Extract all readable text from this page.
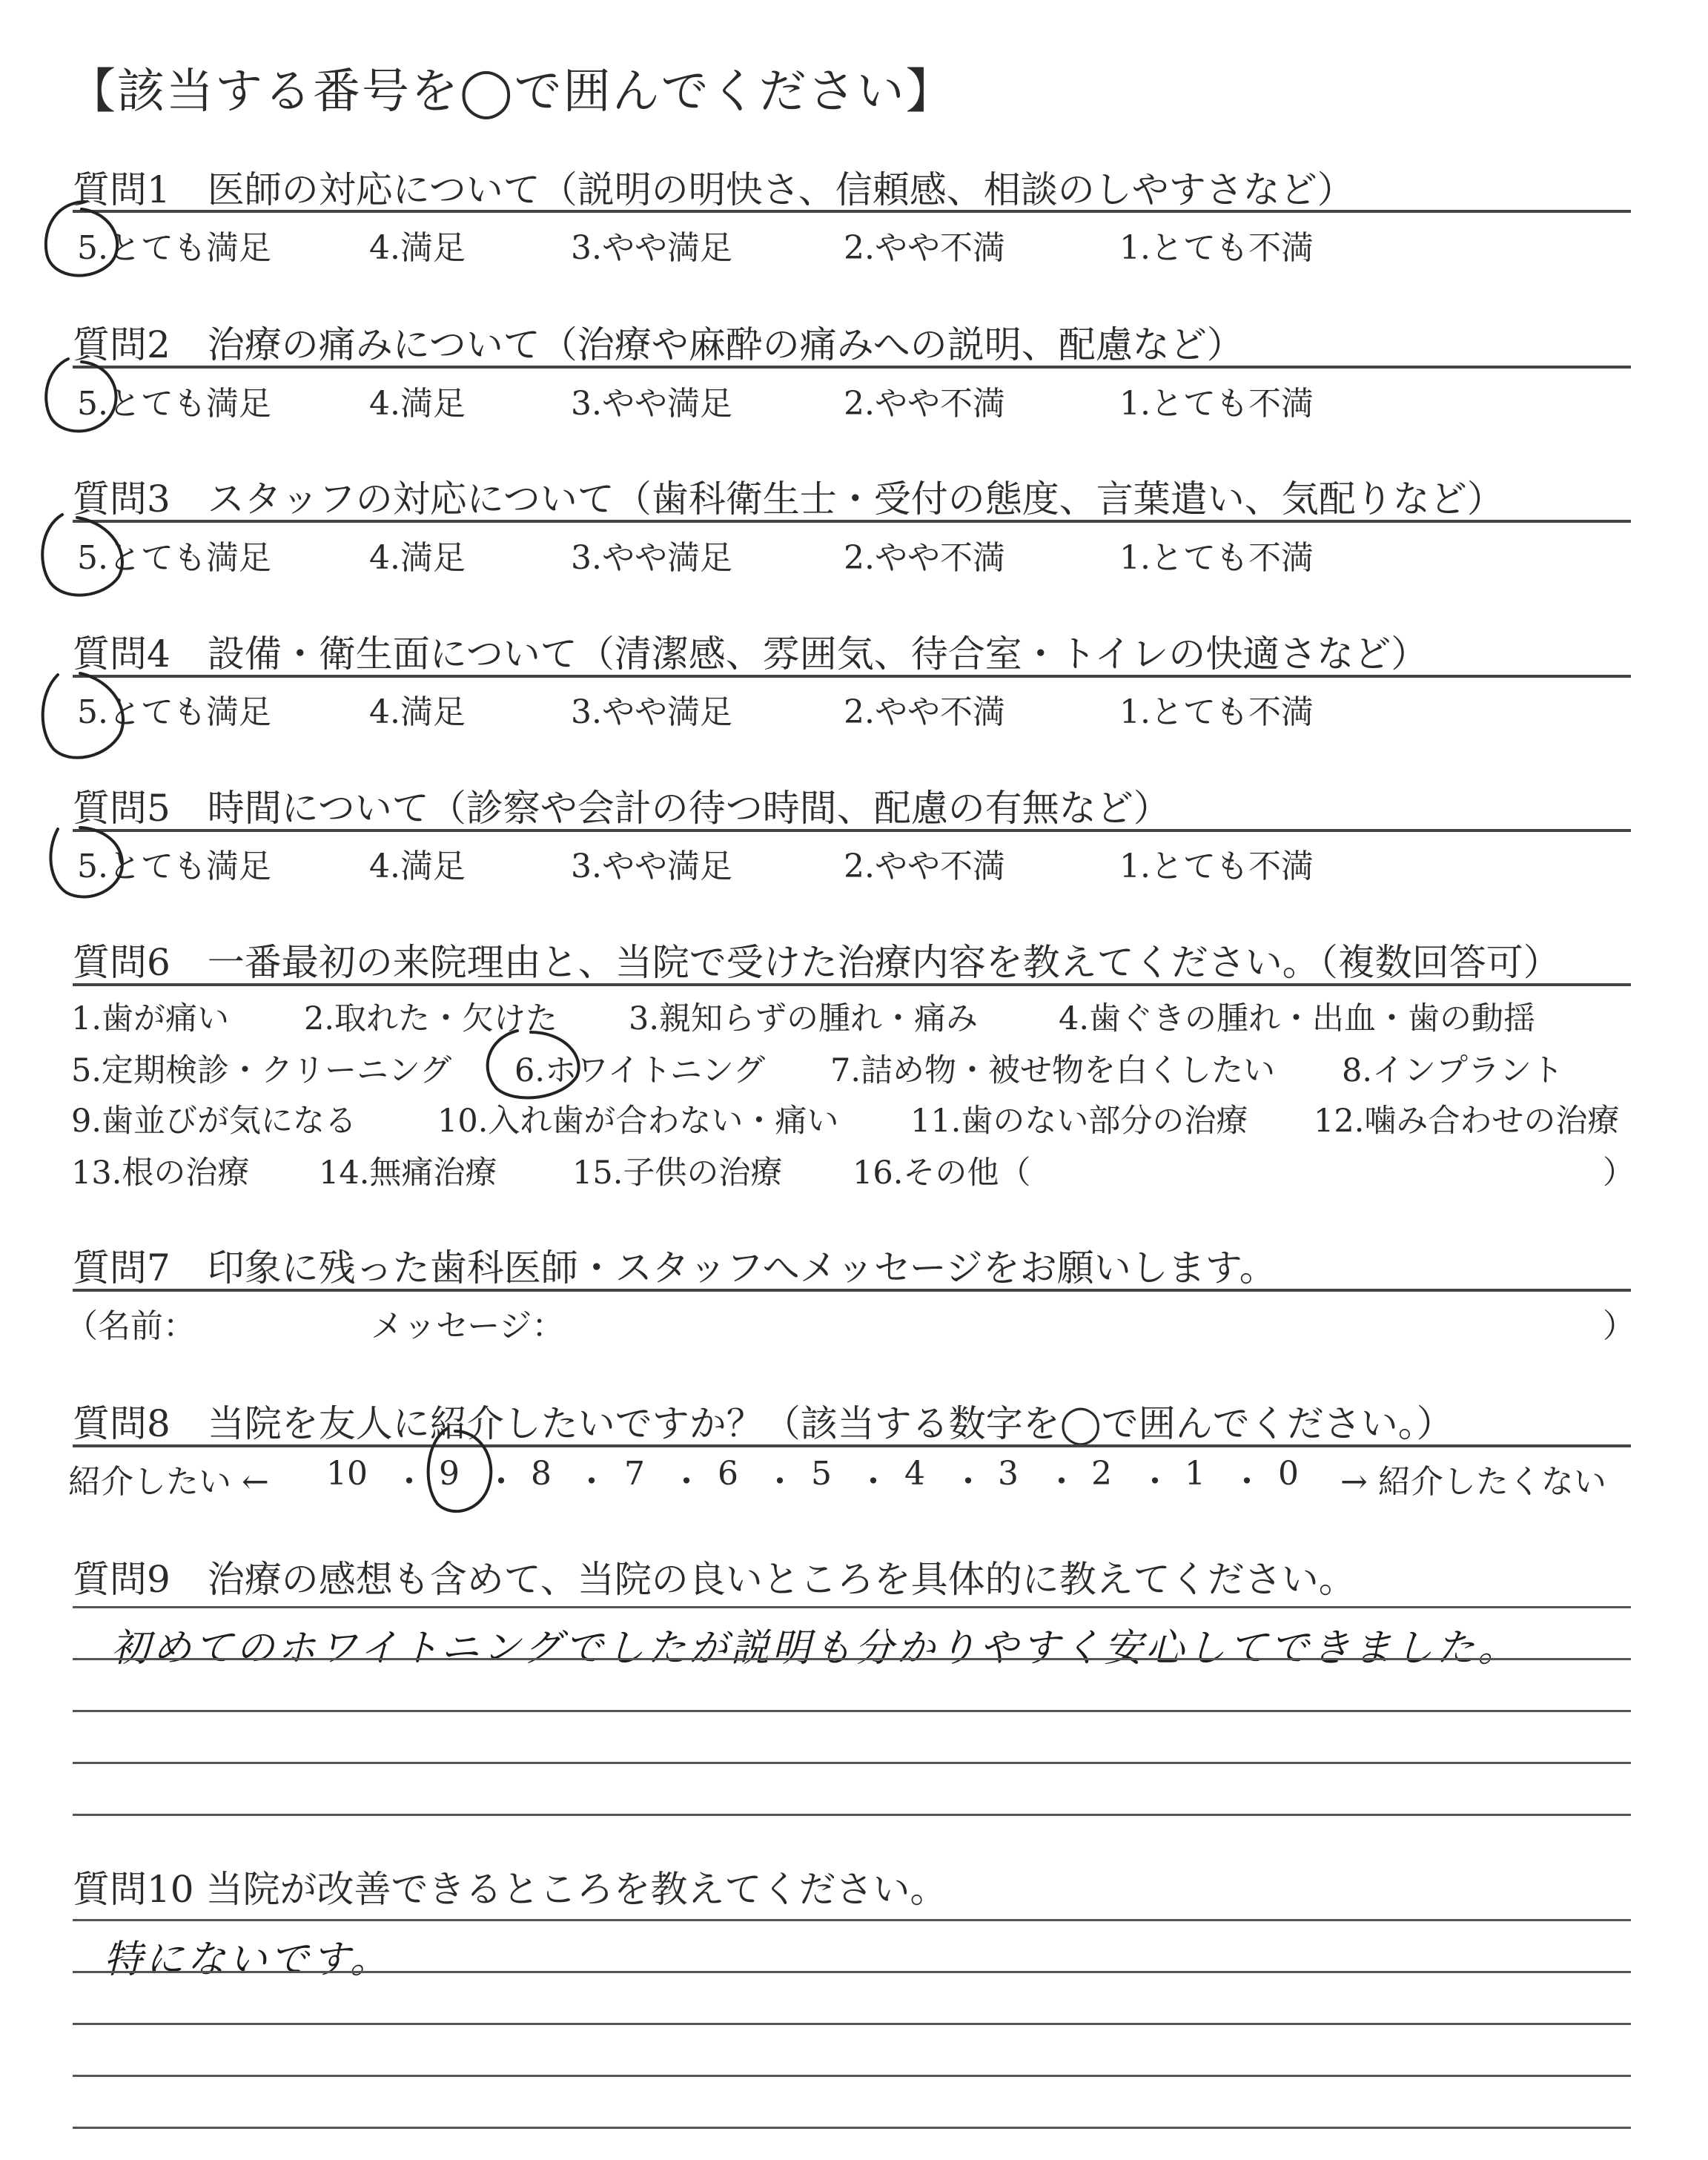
【該当する番号を◯で囲んでください】
質問1　医師の対応について（説明の明快さ、信頼感、相談のしやすさなど）
5.とても満足	4.満足	3.やや満足	2.やや不満	1.とても不満
質問2　治療の痛みについて（治療や麻酔の痛みへの説明、配慮など）
5.とても満足	4.満足	3.やや満足	2.やや不満	1.とても不満
質問3　スタッフの対応について（歯科衛生士・受付の態度、言葉遣い、気配りなど）
5.とても満足	4.満足	3.やや満足	2.やや不満	1.とても不満
質問4　設備・衛生面について（清潔感、雰囲気、待合室・トイレの快適さなど）
5.とても満足	4.満足	3.やや満足	2.やや不満	1.とても不満
質問5　時間について（診察や会計の待つ時間、配慮の有無など）
5.とても満足	4.満足	3.やや満足	2.やや不満	1.とても不満
質問6　一番最初の来院理由と、当院で受けた治療内容を教えてください。（複数回答可）
1.歯が痛い 2.取れた・欠けた 3.親知らずの腫れ・痛み	4.歯ぐきの腫れ・出血・歯の動揺
5.定期検診・クリーニング 6.ホワイトニング 7.詰め物・被せ物を白くしたい 8.インプラント
9.歯並びが気になる	10.入れ歯が合わない・痛い 11.歯のない部分の治療 12.噛み合わせの治療
13.根の治療 14.無痛治療 15.子供の治療 16.その他（	）
質問7　印象に残った歯科医師・スタッフへメッセージをお願いします。
（名前：	メッセージ：	）
質問8　当院を友人に紹介したいですか？（該当する数字を◯で囲んでください。）
紹介したい ← 10 ・ 9 ・ 8 ・ 7 ・ 6 ・ 5 ・ 4 ・ 3 ・ 2 ・ 1 ・ 0 → 紹介したくない
質問9　治療の感想も含めて、当院の良いところを具体的に教えてください。
初めてのホワイトニングでしたが説明も分かりやすく安心してできました。
質問10 当院が改善できるところを教えてください。
特にないです。
